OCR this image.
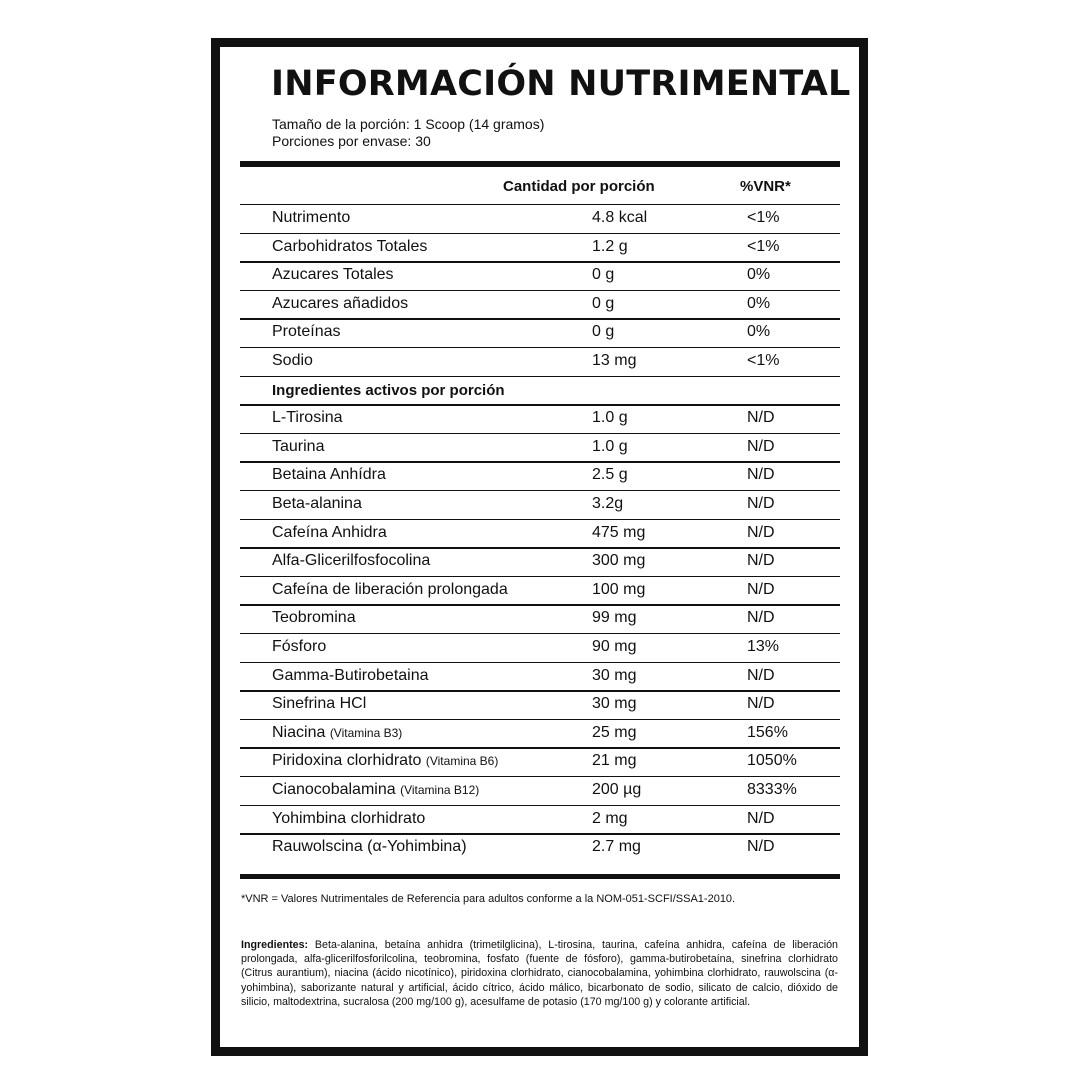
INFORMACIÓN NUTRIMENTAL
Tamaño de la porción: 1 Scoop (14 gramos)
Porciones por envase: 30
Cantidad por porción	%VNR*
Nutrimento	4.8 kcal	<1%
Carbohidratos Totales	1.2 g	<1%
Azucares Totales	0 g	0%
Azucares añadidos	0 g	0%
Proteínas	0 g	0%
Sodio	13 mg	<1%
Ingredientes activos por porción
L-Tirosina	1.0 g	N/D
Taurina	1.0 g	N/D
Betaina Anhídra	2.5 g	N/D
Beta-alanina	3.2g	N/D
Cafeína Anhidra	475 mg	N/D
Alfa-Glicerilfosfocolina	300 mg	N/D
Cafeína de liberación prolongada	100 mg	N/D
Teobromina	99 mg	N/D
Fósforo	90 mg	13%
Gamma-Butirobetaina	30 mg	N/D
Sinefrina HCl	30 mg	N/D
Niacina (Vitamina B3)	25 mg	156%
Piridoxina clorhidrato (Vitamina B6)	21 mg	1050%
Cianocobalamina (Vitamina B12)	200 µg	8333%
Yohimbina clorhidrato	2 mg	N/D
Rauwolscina (α-Yohimbina)	2.7 mg	N/D
*VNR = Valores Nutrimentales de Referencia para adultos conforme a la NOM-051-SCFI/SSA1-2010.

Ingredientes: Beta-alanina, betaína anhidra (trimetilglicina), L-tirosina, taurina, cafeína anhidra, cafeína de liberación prolongada, alfa-glicerilfosforilcolina, teobromina, fosfato (fuente de fósforo), gamma-butirobetaína, sinefrina clorhidrato (Citrus aurantium), niacina (ácido nicotínico), piridoxina clorhidrato, cianocobalamina, yohimbina clorhidrato, rauwolscina (α-yohimbina), saborizante natural y artificial, ácido cítrico, ácido málico, bicarbonato de sodio, silicato de calcio, dióxido de silicio, maltodextrina, sucralosa (200 mg/100 g), acesulfame de potasio (170 mg/100 g) y colorante artificial.
